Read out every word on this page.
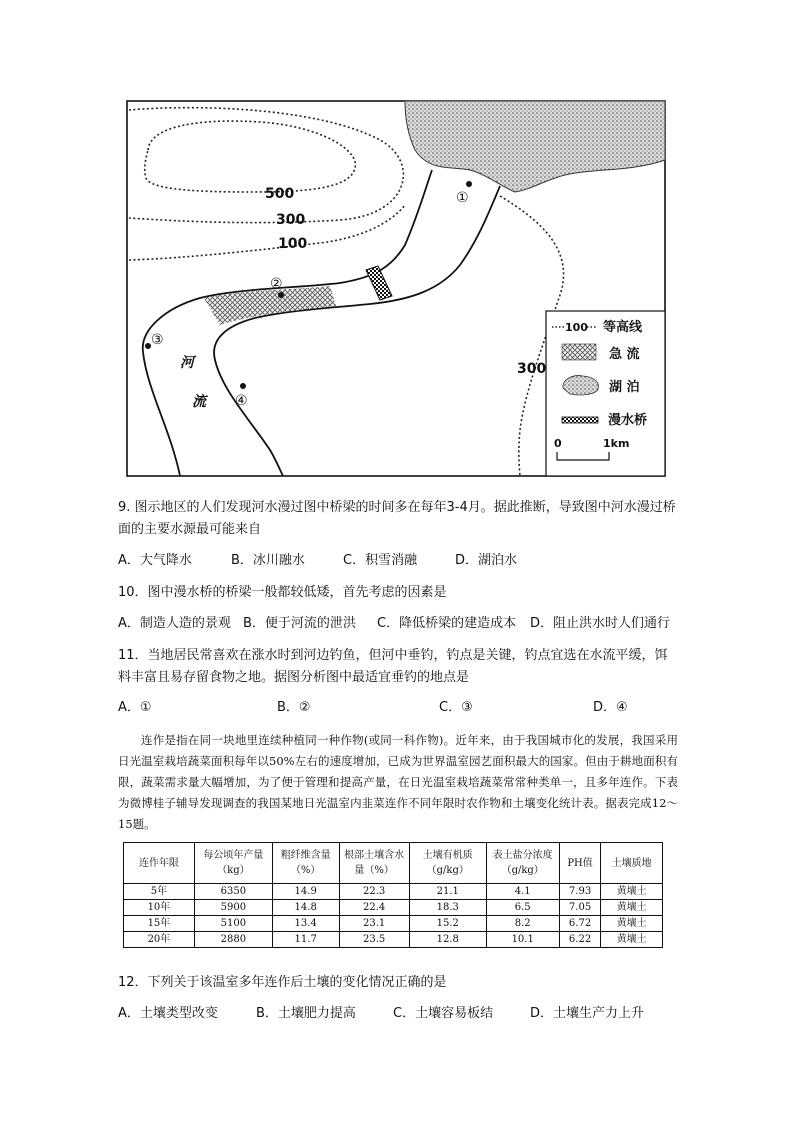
500
300
100
300
①
②
③
④
河
流
100 等高线
急 流
湖 泊
漫水桥
0	1km
9. 图示地区的人们发现河水漫过图中桥梁的时间多在每年3-4月。据此推断，导致图中河水漫过桥面的主要水源最可能来自
A．大气降水	B．冰川融水	C．积雪消融	D．湖泊水
10．图中漫水桥的桥梁一般都较低矮，首先考虑的因素是
A．制造人造的景观 B．便于河流的泄洪 C．降低桥梁的建造成本 D．阻止洪水时人们通行
11．当地居民常喜欢在涨水时到河边钓鱼，但河中垂钓，钓点是关键，钓点宜选在水流平缓，饵料丰富且易存留食物之地。据图分析图中最适宜垂钓的地点是
A．①	B．②	C．③	D．④

连作是指在同一块地里连续种植同一种作物(或同一科作物)。近年来，由于我国城市化的发展，我国采用日光温室栽培蔬菜面积每年以50%左右的速度增加，已成为世界温室园艺面积最大的国家。但由于耕地面积有限，蔬菜需求量大幅增加，为了便于管理和提高产量，在日光温室栽培蔬菜常常种类单一，且多年连作。下表为微博桂子辅导发现调查的我国某地日光温室内韭菜连作不同年限时农作物和土壤变化统计表。据表完成12～15题。

连作年限	每公顷年产量（kg）	粗纤维含量（%）	根部土壤含水量（%）	土壤有机质（g/kg）	表土盐分浓度（g/kg）	PH值	土壤质地
5年	6350	14.9	22.3	21.1	4.1	7.93	黄壤土
10年	5900	14.8	22.4	18.3	6.5	7.05	黄壤土
15年	5100	13.4	23.1	15.2	8.2	6.72	黄壤土
20年	2880	11.7	23.5	12.8	10.1	6.22	黄壤土
12．下列关于该温室多年连作后土壤的变化情况正确的是
A．土壤类型改变	B．土壤肥力提高	C．土壤容易板结	D．土壤生产力上升
